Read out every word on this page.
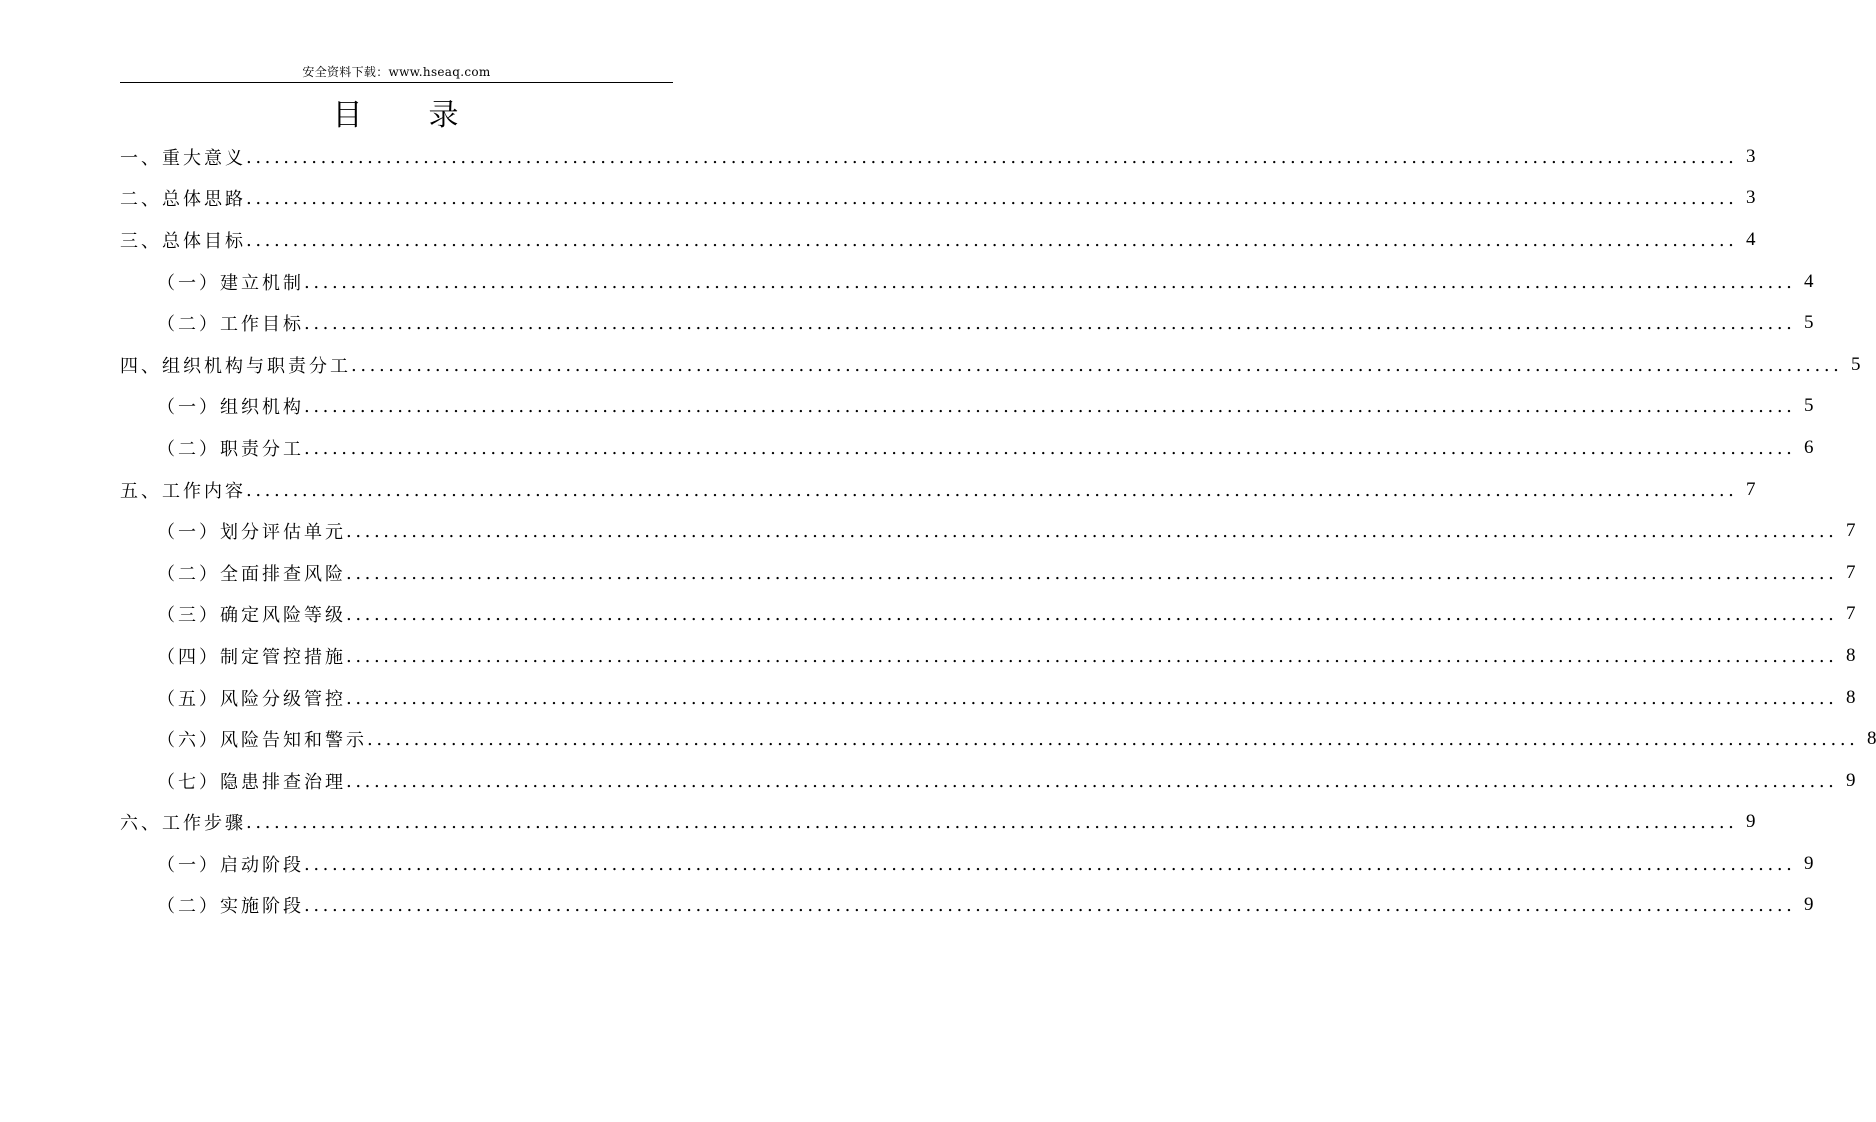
安全资料下载：www.hseaq.com
目 录
一、重大意义 ................................................................................................................................................................ 3
二、总体思路 ................................................................................................................................................................ 3
三、总体目标 ................................................................................................................................................................ 4
（一）建立机制 ................................................................................................................................................................ 4
（二）工作目标 ................................................................................................................................................................ 5
四、组织机构与职责分工 ................................................................................................................................................................ 5
（一）组织机构 ................................................................................................................................................................ 5
（二）职责分工 ................................................................................................................................................................ 6
五、工作内容 ................................................................................................................................................................ 7
（一）划分评估单元 ................................................................................................................................................................ 7
（二）全面排查风险 ................................................................................................................................................................ 7
（三）确定风险等级 ................................................................................................................................................................ 7
（四）制定管控措施 ................................................................................................................................................................ 8
（五）风险分级管控 ................................................................................................................................................................ 8
（六）风险告知和警示 ................................................................................................................................................................ 8
（七）隐患排查治理 ................................................................................................................................................................ 9
六、工作步骤 ................................................................................................................................................................ 9
（一）启动阶段 ................................................................................................................................................................ 9
（二）实施阶段 ................................................................................................................................................................ 9
